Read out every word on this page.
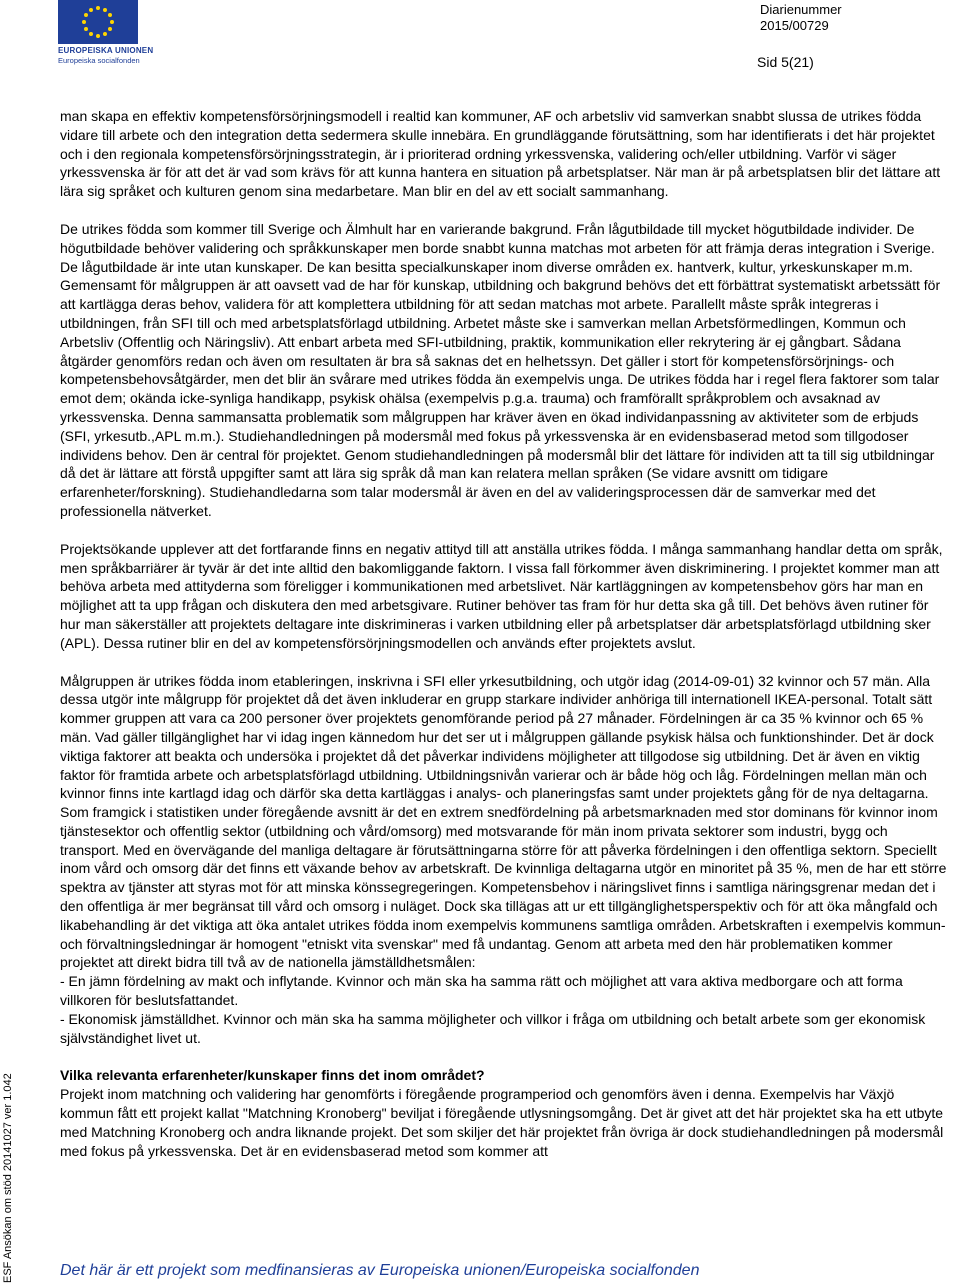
EUROPEISKA UNIONEN
Europeiska socialfonden
Diarienummer
2015/00729
Sid 5(21)
ESF Ansökan om stöd 20141027 ver 1.042

man skapa en effektiv kompetensförsörjningsmodell i realtid kan kommuner, AF och arbetsliv vid samverkan snabbt slussa de utrikes födda vidare till arbete och den integration detta sedermera skulle innebära. En grundläggande förutsättning, som har identifierats i det här projektet och i den regionala kompetensförsörjningsstrategin, är i prioriterad ordning yrkessvenska, validering och/eller utbildning. Varför vi säger yrkessvenska är för att det är vad som krävs för att kunna hantera en situation på arbetsplatser. När man är på arbetsplatsen blir det lättare att lära sig språket och kulturen genom sina medarbetare. Man blir en del av ett socialt sammanhang.

De utrikes födda som kommer till Sverige och Älmhult har en varierande bakgrund. Från lågutbildade till mycket högutbildade individer. De högutbildade behöver validering och språkkunskaper men borde snabbt kunna matchas mot arbeten för att främja deras integration i Sverige. De lågutbildade är inte utan kunskaper. De kan besitta specialkunskaper inom diverse områden ex. hantverk, kultur, yrkeskunskaper m.m. Gemensamt för målgruppen är att oavsett vad de har för kunskap, utbildning och bakgrund behövs det ett förbättrat systematiskt arbetssätt för att kartlägga deras behov, validera för att komplettera utbildning för att sedan matchas mot arbete. Parallellt måste språk integreras i utbildningen, från SFI till och med arbetsplatsförlagd utbildning. Arbetet måste ske i samverkan mellan Arbetsförmedlingen, Kommun och Arbetsliv (Offentlig och Näringsliv). Att enbart arbeta med SFI-utbildning, praktik, kommunikation eller rekrytering är ej gångbart. Sådana åtgärder genomförs redan och även om resultaten är bra så saknas det en helhetssyn. Det gäller i stort för kompetensförsörjnings- och kompetensbehovsåtgärder, men det blir än svårare med utrikes födda än exempelvis unga. De utrikes födda har i regel flera faktorer som talar emot dem; okända icke-synliga handikapp, psykisk ohälsa (exempelvis p.g.a. trauma) och framförallt språkproblem och avsaknad av yrkessvenska. Denna sammansatta problematik som målgruppen har kräver även en ökad individanpassning av aktiviteter som de erbjuds (SFI, yrkesutb.,APL m.m.). Studiehandledningen på modersmål med fokus på yrkessvenska är en evidensbaserad metod som tillgodoser individens behov. Den är central för projektet. Genom studiehandledningen på modersmål blir det lättare för individen att ta till sig utbildningar då det är lättare att förstå uppgifter samt att lära sig språk då man kan relatera mellan språken (Se vidare avsnitt om tidigare erfarenheter/forskning). Studiehandledarna som talar modersmål är även en del av valideringsprocessen där de samverkar med det professionella nätverket.

Projektsökande upplever att det fortfarande finns en negativ attityd till att anställa utrikes födda. I många sammanhang handlar detta om språk, men språkbarriärer är tyvär är det inte alltid den bakomliggande faktorn. I vissa fall förkommer även diskriminering. I projektet kommer man att behöva arbeta med attityderna som föreligger i kommunikationen med arbetslivet. När kartläggningen av kompetensbehov görs har man en möjlighet att ta upp frågan och diskutera den med arbetsgivare. Rutiner behöver tas fram för hur detta ska gå till. Det behövs även rutiner för hur man säkerställer att projektets deltagare inte diskrimineras i varken utbildning eller på arbetsplatser där arbetsplatsförlagd utbildning sker (APL). Dessa rutiner blir en del av kompetensförsörjningsmodellen och används efter projektets avslut.

Målgruppen är utrikes födda inom etableringen, inskrivna i SFI eller yrkesutbildning, och utgör idag (2014-09-01) 32 kvinnor och 57 män. Alla dessa utgör inte målgrupp för projektet då det även inkluderar en grupp starkare individer anhöriga till internationell IKEA-personal. Totalt sätt kommer gruppen att vara ca 200 personer över projektets genomförande period på 27 månader. Fördelningen är ca 35 % kvinnor och 65 % män. Vad gäller tillgänglighet har vi idag ingen kännedom hur det ser ut i målgruppen gällande psykisk hälsa och funktionshinder. Det är dock viktiga faktorer att beakta och undersöka i projektet då det påverkar individens möjligheter att tillgodose sig utbildning. Det är även en viktig faktor för framtida arbete och arbetsplatsförlagd utbildning. Utbildningsnivån varierar och är både hög och låg. Fördelningen mellan män och kvinnor finns inte kartlagd idag och därför ska detta kartläggas i analys- och planeringsfas samt under projektets gång för de nya deltagarna. Som framgick i statistiken under föregående avsnitt är det en extrem snedfördelning på arbetsmarknaden med stor dominans för kvinnor inom tjänstesektor och offentlig sektor (utbildning och vård/omsorg) med motsvarande för män inom privata sektorer som industri, bygg och transport. Med en övervägande del manliga deltagare är förutsättningarna större för att påverka fördelningen i den offentliga sektorn. Speciellt inom vård och omsorg där det finns ett växande behov av arbetskraft. De kvinnliga deltagarna utgör en minoritet på 35 %, men de har ett större spektra av tjänster att styras mot för att minska könssegregeringen. Kompetensbehov i näringslivet finns i samtliga näringsgrenar medan det i den offentliga är mer begränsat till vård och omsorg i nuläget. Dock ska tillägas att ur ett tillgänglighetsperspektiv och för att öka mångfald och likabehandling är det viktiga att öka antalet utrikes födda inom exempelvis kommunens samtliga områden. Arbetskraften i exempelvis kommun- och förvaltningsledningar är homogent "etniskt vita svenskar" med få undantag. Genom att arbeta med den här problematiken kommer projektet att direkt bidra till två av de nationella jämställdhetsmålen:

- En jämn fördelning av makt och inflytande. Kvinnor och män ska ha samma rätt och möjlighet att vara aktiva medborgare och att forma villkoren för beslutsfattandet.

- Ekonomisk jämställdhet. Kvinnor och män ska ha samma möjligheter och villkor i fråga om utbildning och betalt arbete som ger ekonomisk självständighet livet ut.

Vilka relevanta erfarenheter/kunskaper finns det inom området?

Projekt inom matchning och validering har genomförts i föregående programperiod och genomförs även i denna. Exempelvis har Växjö kommun fått ett projekt kallat "Matchning Kronoberg" beviljat i föregående utlysningsomgång. Det är givet att det här projektet ska ha ett utbyte med Matchning Kronoberg och andra liknande projekt. Det som skiljer det här projektet från övriga är dock studiehandledningen på modersmål med fokus på yrkessvenska. Det är en evidensbaserad metod som kommer att

Det här är ett projekt som medfinansieras av Europeiska unionen/Europeiska socialfonden
